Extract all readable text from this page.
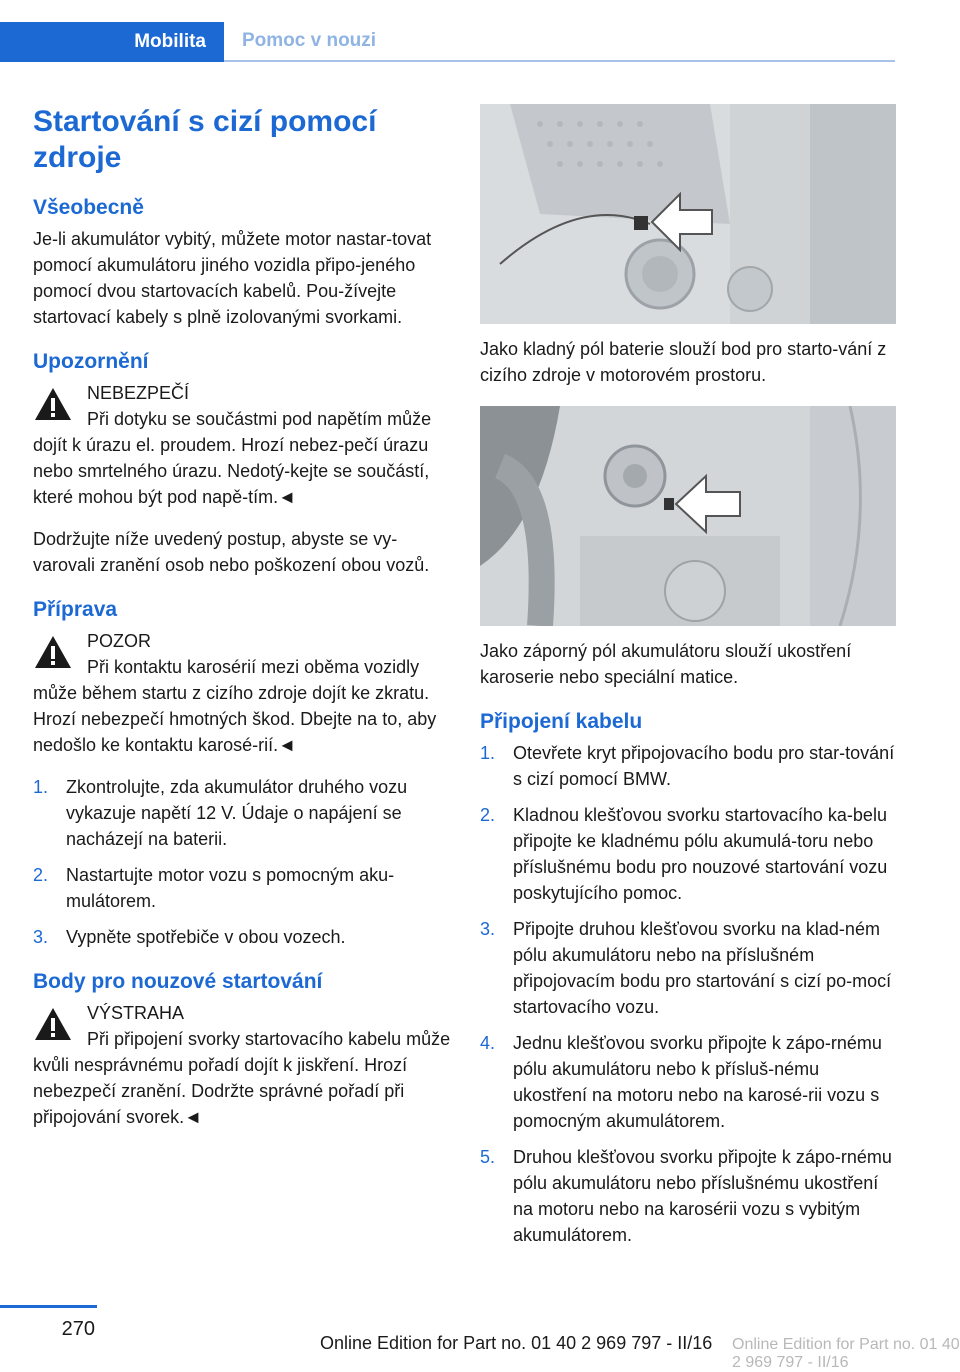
Mobilita	Pomoc v nouzi
Startování s cizí pomocí zdroje
Všeobecně

Je-li akumulátor vybitý, můžete motor nastar-tovat pomocí akumulátoru jiného vozidla připo-jeného pomocí dvou startovacích kabelů. Pou-žívejte startovací kabely s plně izolovanými svorkami.

Upozornění
NEBEZPEČÍ
Při dotyku se součástmi pod napětím může dojít k úrazu el. proudem. Hrozí nebez-pečí úrazu nebo smrtelného úrazu. Nedotý-kejte se součástí, které mohou být pod napě-tím.◄

Dodržujte níže uvedený postup, abyste se vy-varovali zranění osob nebo poškození obou vozů.

Příprava
POZOR
Při kontaktu karosérií mezi oběma vozidly může během startu z cizího zdroje dojít ke zkratu. Hrozí nebezpečí hmotných škod. Dbejte na to, aby nedošlo ke kontaktu karosé-rií.◄
1. Zkontrolujte, zda akumulátor druhého vozu vykazuje napětí 12 V. Údaje o napájení se nacházejí na baterii.
2. Nastartujte motor vozu s pomocným aku-mulátorem.
3. Vypněte spotřebiče v obou vozech.
Body pro nouzové startování
VÝSTRAHA
Při připojení svorky startovacího kabelu může kvůli nesprávnému pořadí dojít k jiskření. Hrozí nebezpečí zranění. Dodržte správné pořadí při připojování svorek.◄

Jako kladný pól baterie slouží bod pro starto-vání z cizího zdroje v motorovém prostoru.

Jako záporný pól akumulátoru slouží ukostření karoserie nebo speciální matice.

Připojení kabelu
1. Otevřete kryt připojovacího bodu pro star-tování s cizí pomocí BMW.
2. Kladnou klešťovou svorku startovacího ka-belu připojte ke kladnému pólu akumulá-toru nebo příslušnému bodu pro nouzové startování vozu poskytujícího pomoc.
3. Připojte druhou klešťovou svorku na klad-ném pólu akumulátoru nebo na příslušném připojovacím bodu pro startování s cizí po-mocí startovacího vozu.
4. Jednu klešťovou svorku připojte k zápo-rnému pólu akumulátoru nebo k přísluš-nému ukostření na motoru nebo na karosé-rii vozu s pomocným akumulátorem.
5. Druhou klešťovou svorku připojte k zápo-rnému pólu akumulátoru nebo příslušnému ukostření na motoru nebo na karosérii vozu s vybitým akumulátorem.
270
Online Edition for Part no. 01 40 2 969 797 - II/16 Online Edition for Part no. 01 40 2 969 797 - II/16
